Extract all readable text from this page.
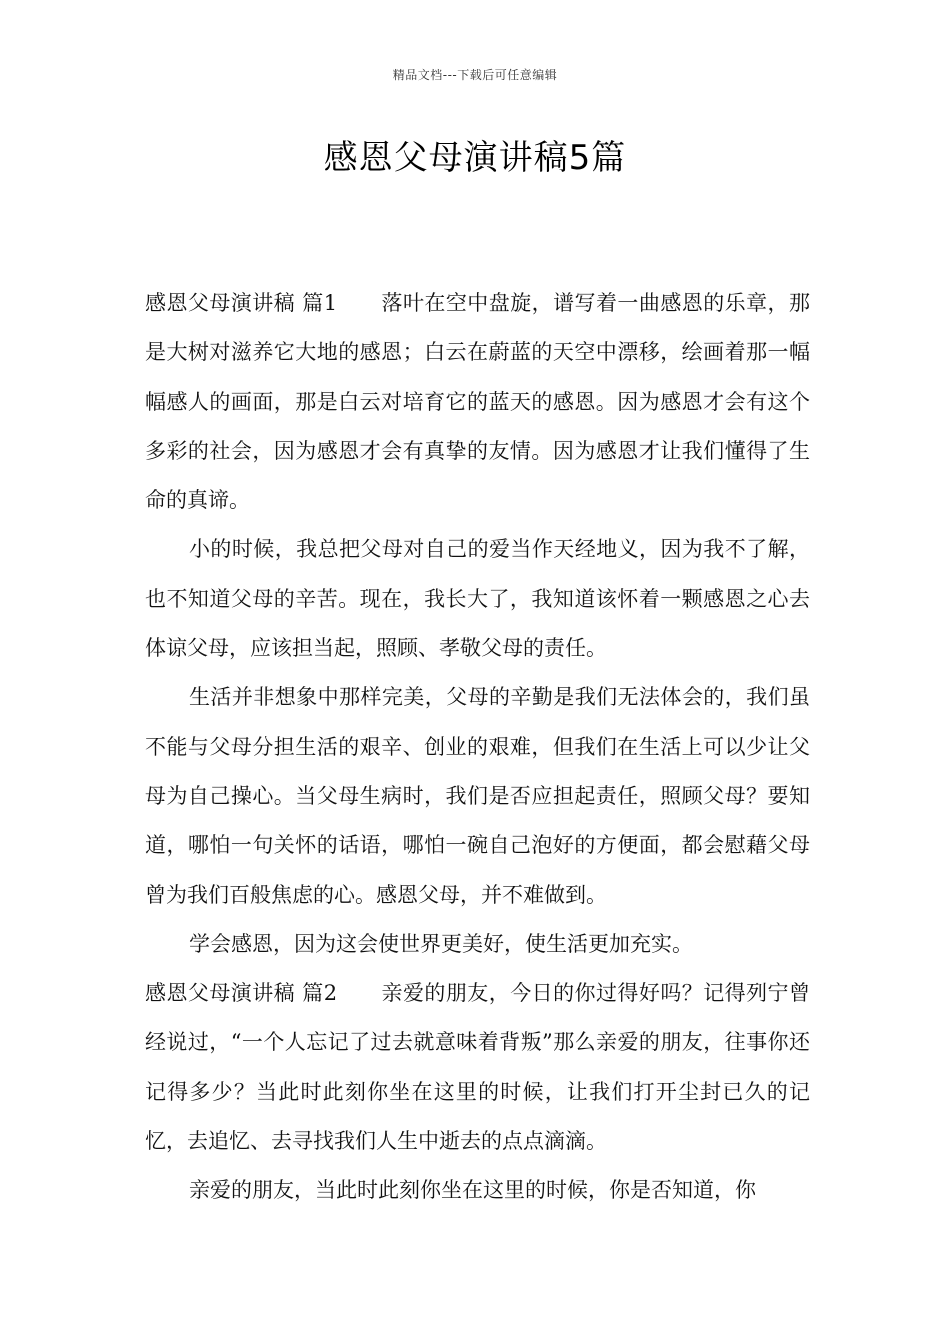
精品文档---下载后可任意编辑
感恩父母演讲稿5篇

感恩父母演讲稿 篇1 落叶在空中盘旋，谱写着一曲感恩的乐章，那是大树对滋养它大地的感恩；白云在蔚蓝的天空中漂移，绘画着那一幅幅感人的画面，那是白云对培育它的蓝天的感恩。因为感恩才会有这个多彩的社会，因为感恩才会有真挚的友情。因为感恩才让我们懂得了生命的真谛。

小的时候，我总把父母对自己的爱当作天经地义，因为我不了解，也不知道父母的辛苦。现在，我长大了，我知道该怀着一颗感恩之心去体谅父母，应该担当起，照顾、孝敬父母的责任。

生活并非想象中那样完美，父母的辛勤是我们无法体会的，我们虽不能与父母分担生活的艰辛、创业的艰难，但我们在生活上可以少让父母为自己操心。当父母生病时，我们是否应担起责任，照顾父母？要知道，哪怕一句关怀的话语，哪怕一碗自己泡好的方便面，都会慰藉父母曾为我们百般焦虑的心。感恩父母，并不难做到。

学会感恩，因为这会使世界更美好，使生活更加充实。

感恩父母演讲稿 篇2 亲爱的朋友，今日的你过得好吗？记得列宁曾经说过，“一个人忘记了过去就意味着背叛”那么亲爱的朋友，往事你还记得多少？当此时此刻你坐在这里的时候，让我们打开尘封已久的记忆，去追忆、去寻找我们人生中逝去的点点滴滴。

亲爱的朋友，当此时此刻你坐在这里的时候，你是否知道，你
